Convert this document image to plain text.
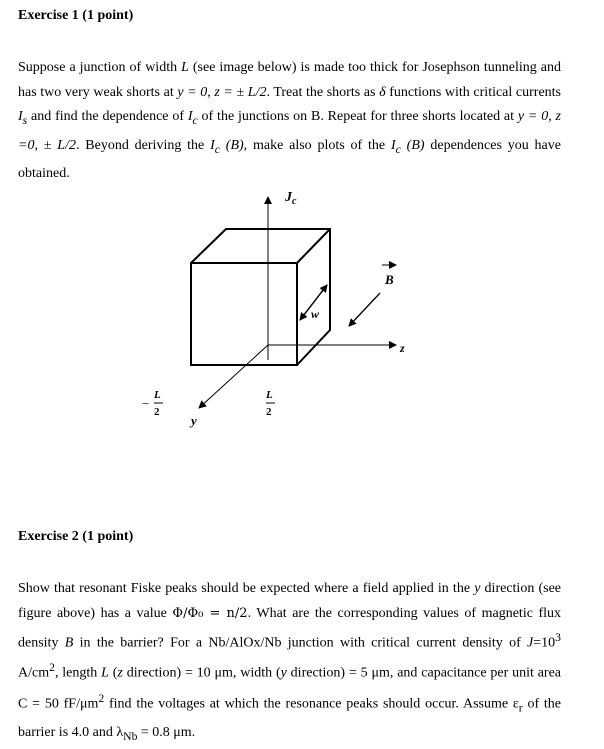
Exercise 1 (1 point)
Suppose a junction of width L (see image below) is made too thick for Josephson tunneling and has two very weak shorts at y = 0, z = ± L/2. Treat the shorts as δ functions with critical currents $I_s$ and find the dependence of $I_c$ of the junctions on B. Repeat for three shorts located at y = 0, z =0, ± L/2. Beyond deriving the $I_c$ (B), make also plots of the $I_c$ (B) dependences you have obtained.
$J_c$
B
w
z
y
−
L
2
L
2
Exercise 2 (1 point)
Show that resonant Fiske peaks should be expected where a field applied in the y direction (see figure above) has a value Φ/Φ₀ = n/2. What are the corresponding values of magnetic flux density B in the barrier? For a Nb/AlOx/Nb junction with critical current density of $J=10^3$ $A/cm^2$, length L (z direction) = 10 μm, width (y direction) = 5 μm, and capacitance per unit area C = 50 $fF/\mu m^2$ find the voltages at which the resonance peaks should occur. Assume $\varepsilon_r$ of the barrier is 4.0 and $\lambda_{Nb} = 0.8$ μm.
